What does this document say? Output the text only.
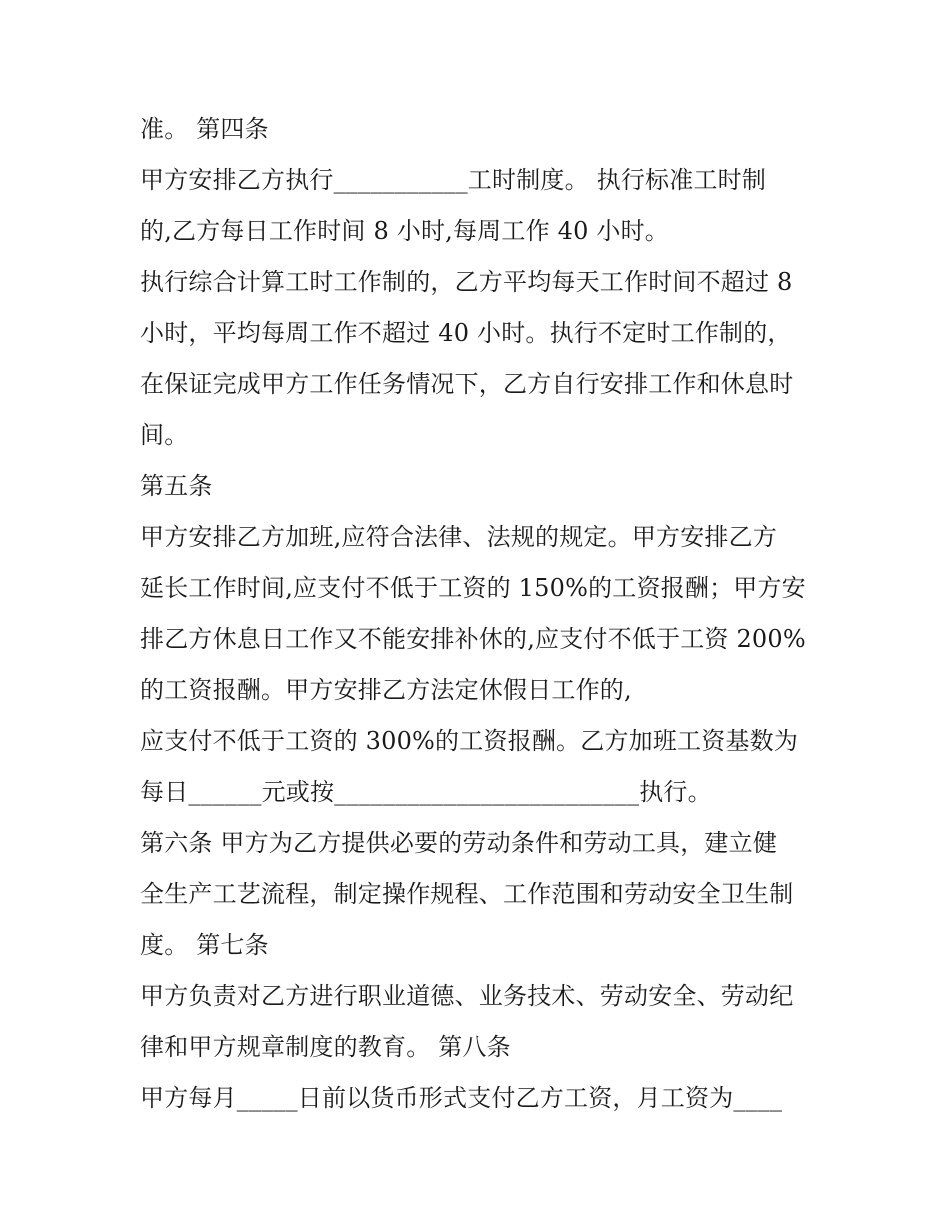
准。 第四条
甲方安排乙方执行___________工时制度。 执行标准工时制
的,乙方每日工作时间 8 小时,每周工作 40 小时。
执行综合计算工时工作制的，乙方平均每天工作时间不超过 8
小时，平均每周工作不超过 40 小时。执行不定时工作制的，
在保证完成甲方工作任务情况下，乙方自行安排工作和休息时
间。
第五条
甲方安排乙方加班,应符合法律、法规的规定。甲方安排乙方
延长工作时间,应支付不低于工资的 150%的工资报酬；甲方安
排乙方休息日工作又不能安排补休的,应支付不低于工资 200%
的工资报酬。甲方安排乙方法定休假日工作的,
应支付不低于工资的 300%的工资报酬。乙方加班工资基数为
每日______元或按_________________________执行。
第六条 甲方为乙方提供必要的劳动条件和劳动工具，建立健
全生产工艺流程，制定操作规程、工作范围和劳动安全卫生制
度。 第七条
甲方负责对乙方进行职业道德、业务技术、劳动安全、劳动纪
律和甲方规章制度的教育。 第八条
甲方每月_____日前以货币形式支付乙方工资，月工资为____
